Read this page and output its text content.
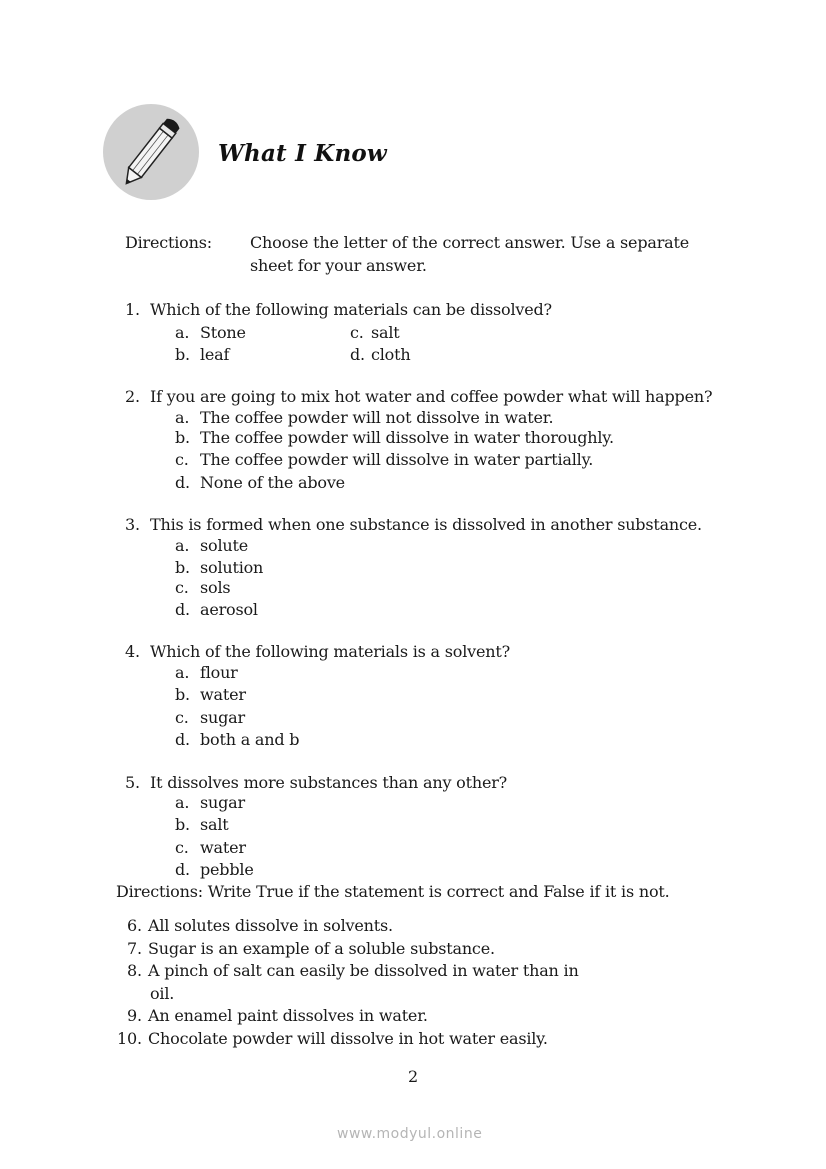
What I Know
Directions: Choose the letter of the correct answer. Use a separate
sheet for your answer.
1. Which of the following materials can be dissolved?
a. Stone
b. leaf
c. salt
d. cloth
2. If you are going to mix hot water and coffee powder what will happen?
a. The coffee powder will not dissolve in water.
b. The coffee powder will dissolve in water thoroughly.
c. The coffee powder will dissolve in water partially.
d. None of the above
3. This is formed when one substance is dissolved in another substance.
a. solute
b. solution
c. sols
d. aerosol
4. Which of the following materials is a solvent?
a. flour
b. water
c. sugar
d. both a and b
5. It dissolves more substances than any other?
a. sugar
b. salt
c. water
d. pebble
Directions: Write True if the statement is correct and False if it is not.
6. All solutes dissolve in solvents.
7. Sugar is an example of a soluble substance.
8. A pinch of salt can easily be dissolved in water than in
oil.
9. An enamel paint dissolves in water.
10. Chocolate powder will dissolve in hot water easily.
2
www.modyul.online
